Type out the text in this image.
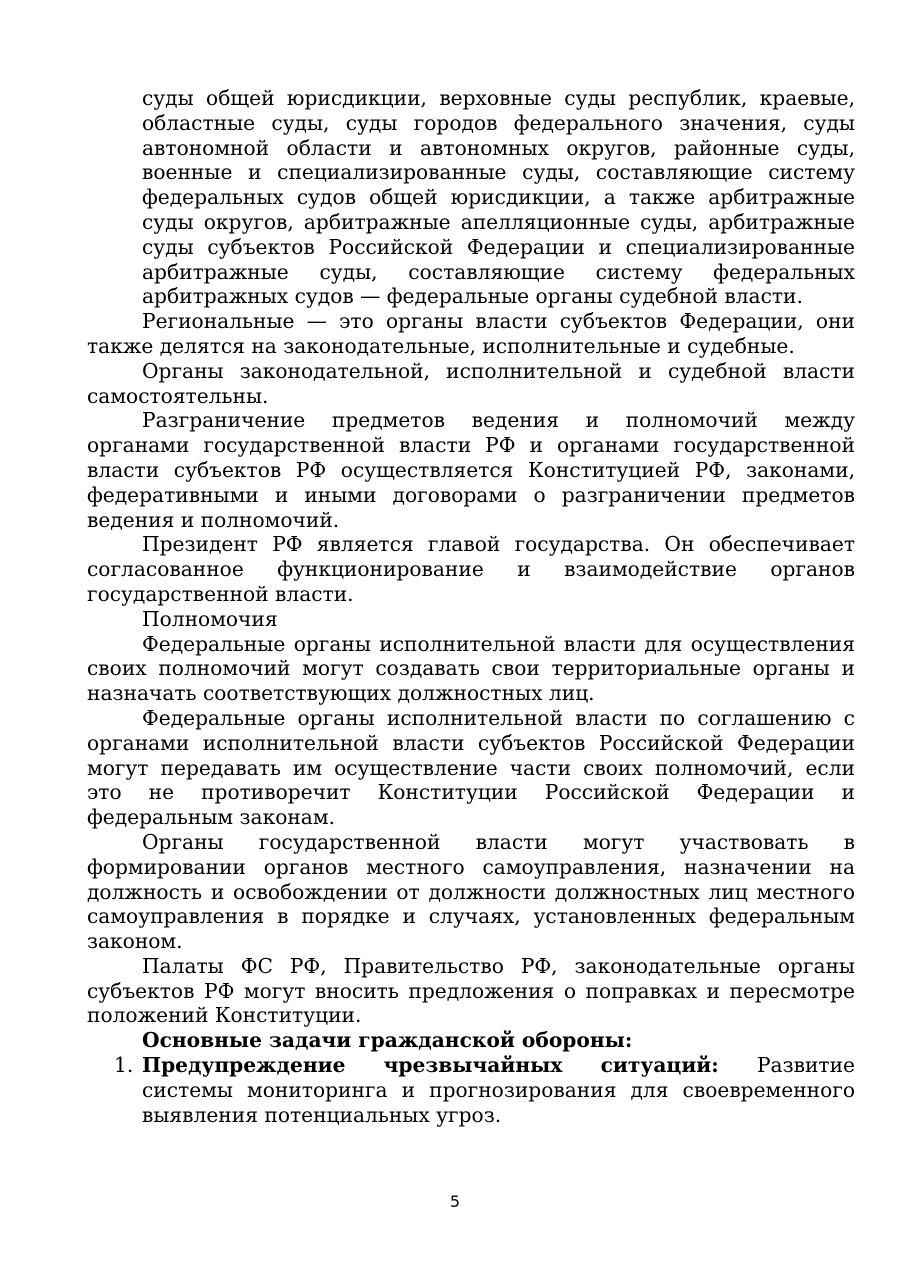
суды общей юрисдикции, верховные суды республик, краевые, областные суды, суды городов федерального значения, суды автономной области и автономных округов, районные суды, военные и специализированные суды, составляющие систему федеральных судов общей юрисдикции, а также арбитражные суды округов, арбитражные апелляционные суды, арбитражные суды субъектов Российской Федерации и специализированные арбитражные суды, составляющие систему федеральных арбитражных судов — федеральные органы судебной власти.

Региональные — это органы власти субъектов Федерации, они также делятся на законодательные, исполнительные и судебные.

Органы законодательной, исполнительной и судебной власти самостоятельны.

Разграничение предметов ведения и полномочий между органами государственной власти РФ и органами государственной власти субъектов РФ осуществляется Конституцией РФ, законами, федеративными и иными договорами о разграничении предметов ведения и полномочий.

Президент РФ является главой государства. Он обеспечивает согласованное функционирование и взаимодействие органов государственной власти.

Полномочия

Федеральные органы исполнительной власти для осуществления своих полномочий могут создавать свои территориальные органы и назначать соответствующих должностных лиц.

Федеральные органы исполнительной власти по соглашению с органами исполнительной власти субъектов Российской Федерации могут передавать им осуществление части своих полномочий, если это не противоречит Конституции Российской Федерации и федеральным законам.

Органы государственной власти могут участвовать в формировании органов местного самоуправления, назначении на должность и освобождении от должности должностных лиц местного самоуправления в порядке и случаях, установленных федеральным законом.

Палаты ФС РФ, Правительство РФ, законодательные органы субъектов РФ могут вносить предложения о поправках и пересмотре положений Конституции.

Основные задачи гражданской обороны:

1. Предупреждение чрезвычайных ситуаций: Развитие системы мониторинга и прогнозирования для своевременного выявления потенциальных угроз.
5
